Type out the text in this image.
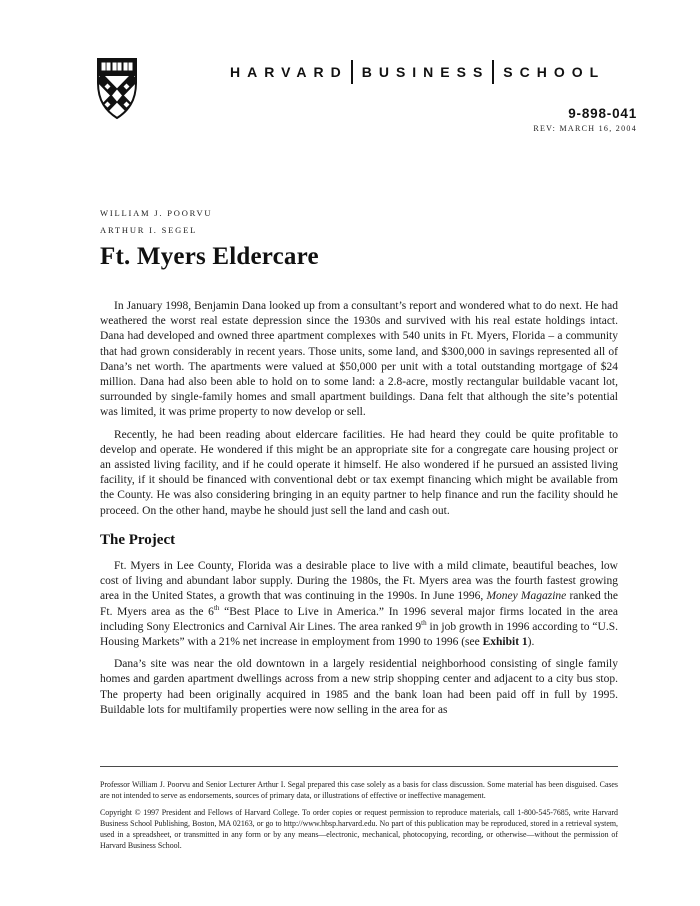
HARVARD BUSINESS SCHOOL
9-898-041
REV: MARCH 16, 2004
WILLIAM J. POORVU
ARTHUR I. SEGEL
Ft. Myers Eldercare

In January 1998, Benjamin Dana looked up from a consultant’s report and wondered what to do next. He had weathered the worst real estate depression since the 1930s and survived with his real estate holdings intact. Dana had developed and owned three apartment complexes with 540 units in Ft. Myers, Florida – a community that had grown considerably in recent years. Those units, some land, and $300,000 in savings represented all of Dana’s net worth. The apartments were valued at $50,000 per unit with a total outstanding mortgage of $24 million. Dana had also been able to hold on to some land: a 2.8-acre, mostly rectangular buildable vacant lot, surrounded by single-family homes and small apartment buildings. Dana felt that although the site’s potential was limited, it was prime property to now develop or sell.

Recently, he had been reading about eldercare facilities. He had heard they could be quite profitable to develop and operate. He wondered if this might be an appropriate site for a congregate care housing project or an assisted living facility, and if he could operate it himself. He also wondered if he pursued an assisted living facility, if it should be financed with conventional debt or tax exempt financing which might be available from the County. He was also considering bringing in an equity partner to help finance and run the facility should he proceed. On the other hand, maybe he should just sell the land and cash out.

The Project

Ft. Myers in Lee County, Florida was a desirable place to live with a mild climate, beautiful beaches, low cost of living and abundant labor supply. During the 1980s, the Ft. Myers area was the fourth fastest growing area in the United States, a growth that was continuing in the 1990s. In June 1996, Money Magazine ranked the Ft. Myers area as the 6th “Best Place to Live in America.” In 1996 several major firms located in the area including Sony Electronics and Carnival Air Lines. The area ranked 9th in job growth in 1996 according to “U.S. Housing Markets” with a 21% net increase in employment from 1990 to 1996 (see Exhibit 1).

Dana’s site was near the old downtown in a largely residential neighborhood consisting of single family homes and garden apartment dwellings across from a new strip shopping center and adjacent to a city bus stop. The property had been originally acquired in 1985 and the bank loan had been paid off in full by 1995. Buildable lots for multifamily properties were now selling in the area for as

Professor William J. Poorvu and Senior Lecturer Arthur I. Segal prepared this case solely as a basis for class discussion. Some material has been disguised. Cases are not intended to serve as endorsements, sources of primary data, or illustrations of effective or ineffective management.

Copyright © 1997 President and Fellows of Harvard College. To order copies or request permission to reproduce materials, call 1-800-545-7685, write Harvard Business School Publishing, Boston, MA 02163, or go to http://www.hbsp.harvard.edu. No part of this publication may be reproduced, stored in a retrieval system, used in a spreadsheet, or transmitted in any form or by any means—electronic, mechanical, photocopying, recording, or otherwise—without the permission of Harvard Business School.
